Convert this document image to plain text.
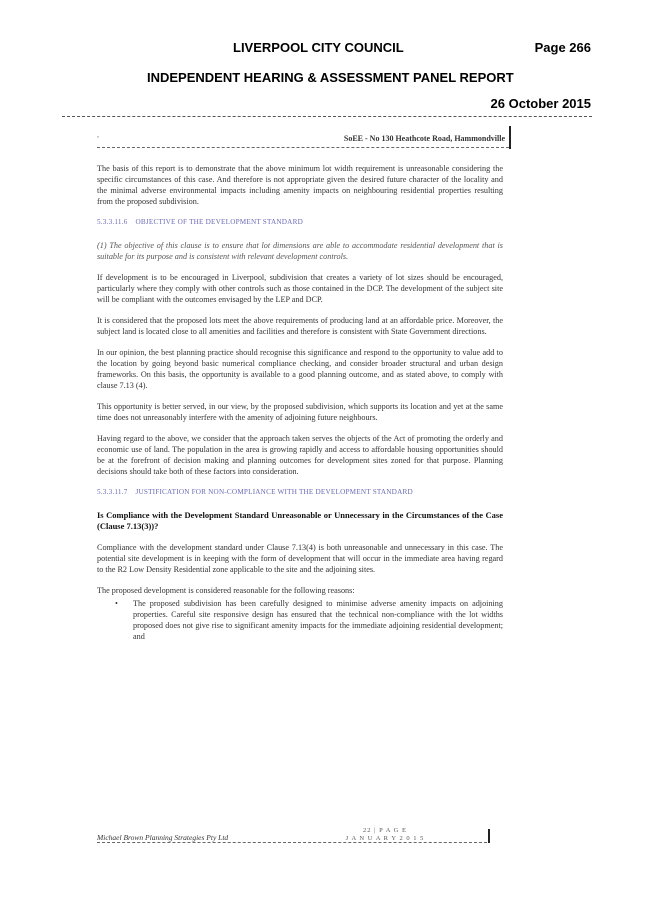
LIVERPOOL CITY COUNCIL	Page 266
INDEPENDENT HEARING & ASSESSMENT PANEL REPORT
26 October 2015
,	SoEE - No 130 Heathcote Road, Hammondville

The basis of this report is to demonstrate that the above minimum lot width requirement is unreasonable considering the specific circumstances of this case. And therefore is not appropriate given the desired future character of the locality and the minimal adverse environmental impacts including amenity impacts on neighbouring residential properties resulting from the proposed subdivision.

5.3.3.11.6 OBJECTIVE OF THE DEVELOPMENT STANDARD

(1) The objective of this clause is to ensure that lot dimensions are able to accommodate residential development that is suitable for its purpose and is consistent with relevant development controls.

If development is to be encouraged in Liverpool, subdivision that creates a variety of lot sizes should be encouraged, particularly where they comply with other controls such as those contained in the DCP. The development of the subject site will be compliant with the outcomes envisaged by the LEP and DCP.

It is considered that the proposed lots meet the above requirements of producing land at an affordable price. Moreover, the subject land is located close to all amenities and facilities and therefore is consistent with State Government directions.

In our opinion, the best planning practice should recognise this significance and respond to the opportunity to value add to the location by going beyond basic numerical compliance checking, and consider broader structural and urban design frameworks. On this basis, the opportunity is available to a good planning outcome, and as stated above, to comply with clause 7.13 (4).

This opportunity is better served, in our view, by the proposed subdivision, which supports its location and yet at the same time does not unreasonably interfere with the amenity of adjoining future neighbours.

Having regard to the above, we consider that the approach taken serves the objects of the Act of promoting the orderly and economic use of land. The population in the area is growing rapidly and access to affordable housing opportunities should be at the forefront of decision making and planning outcomes for development sites zoned for that purpose. Planning decisions should take both of these factors into consideration.

5.3.3.11.7 JUSTIFICATION FOR NON-COMPLIANCE WITH THE DEVELOPMENT STANDARD

Is Compliance with the Development Standard Unreasonable or Unnecessary in the Circumstances of the Case (Clause 7.13(3))?

Compliance with the development standard under Clause 7.13(4) is both unreasonable and unnecessary in this case. The potential site development is in keeping with the form of development that will occur in the immediate area having regard to the R2 Low Density Residential zone applicable to the site and the adjoining sites.

The proposed development is considered reasonable for the following reasons:

• The proposed subdivision has been carefully designed to minimise adverse amenity impacts on adjoining properties. Careful site responsive design has ensured that the technical non-compliance with the lot widths proposed does not give rise to significant amenity impacts for the immediate adjoining residential development; and
Michael Brown Planning Strategies Pty Ltd
22 | P A G E
J A N U A R Y 2 0 1 5
